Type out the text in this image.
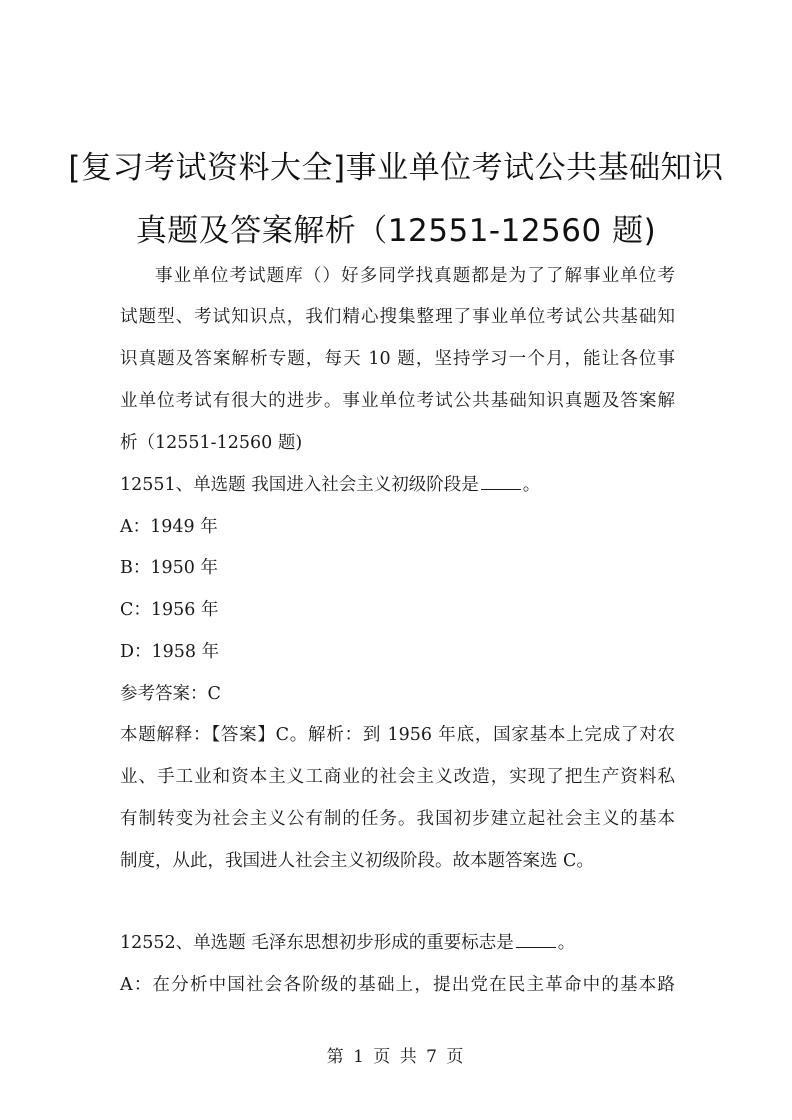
[复习考试资料大全]事业单位考试公共基础知识
真题及答案解析（12551-12560 题)
事业单位考试题库（）好多同学找真题都是为了了解事业单位考
试题型、考试知识点，我们精心搜集整理了事业单位考试公共基础知
识真题及答案解析专题，每天 10 题，坚持学习一个月，能让各位事
业单位考试有很大的进步。事业单位考试公共基础知识真题及答案解
析（12551-12560 题)
12551、单选题 我国进入社会主义初级阶段是	。
A：1949 年
B：1950 年
C：1956 年
D：1958 年
参考答案：C
本题解释：【答案】C。解析：到 1956 年底，国家基本上完成了对农
业、手工业和资本主义工商业的社会主义改造，实现了把生产资料私
有制转变为社会主义公有制的任务。我国初步建立起社会主义的基本
制度，从此，我国进人社会主义初级阶段。故本题答案选 C。
12552、单选题 毛泽东思想初步形成的重要标志是	。
A：在分析中国社会各阶级的基础上，提出党在民主革命中的基本路
第 1 页 共 7 页
